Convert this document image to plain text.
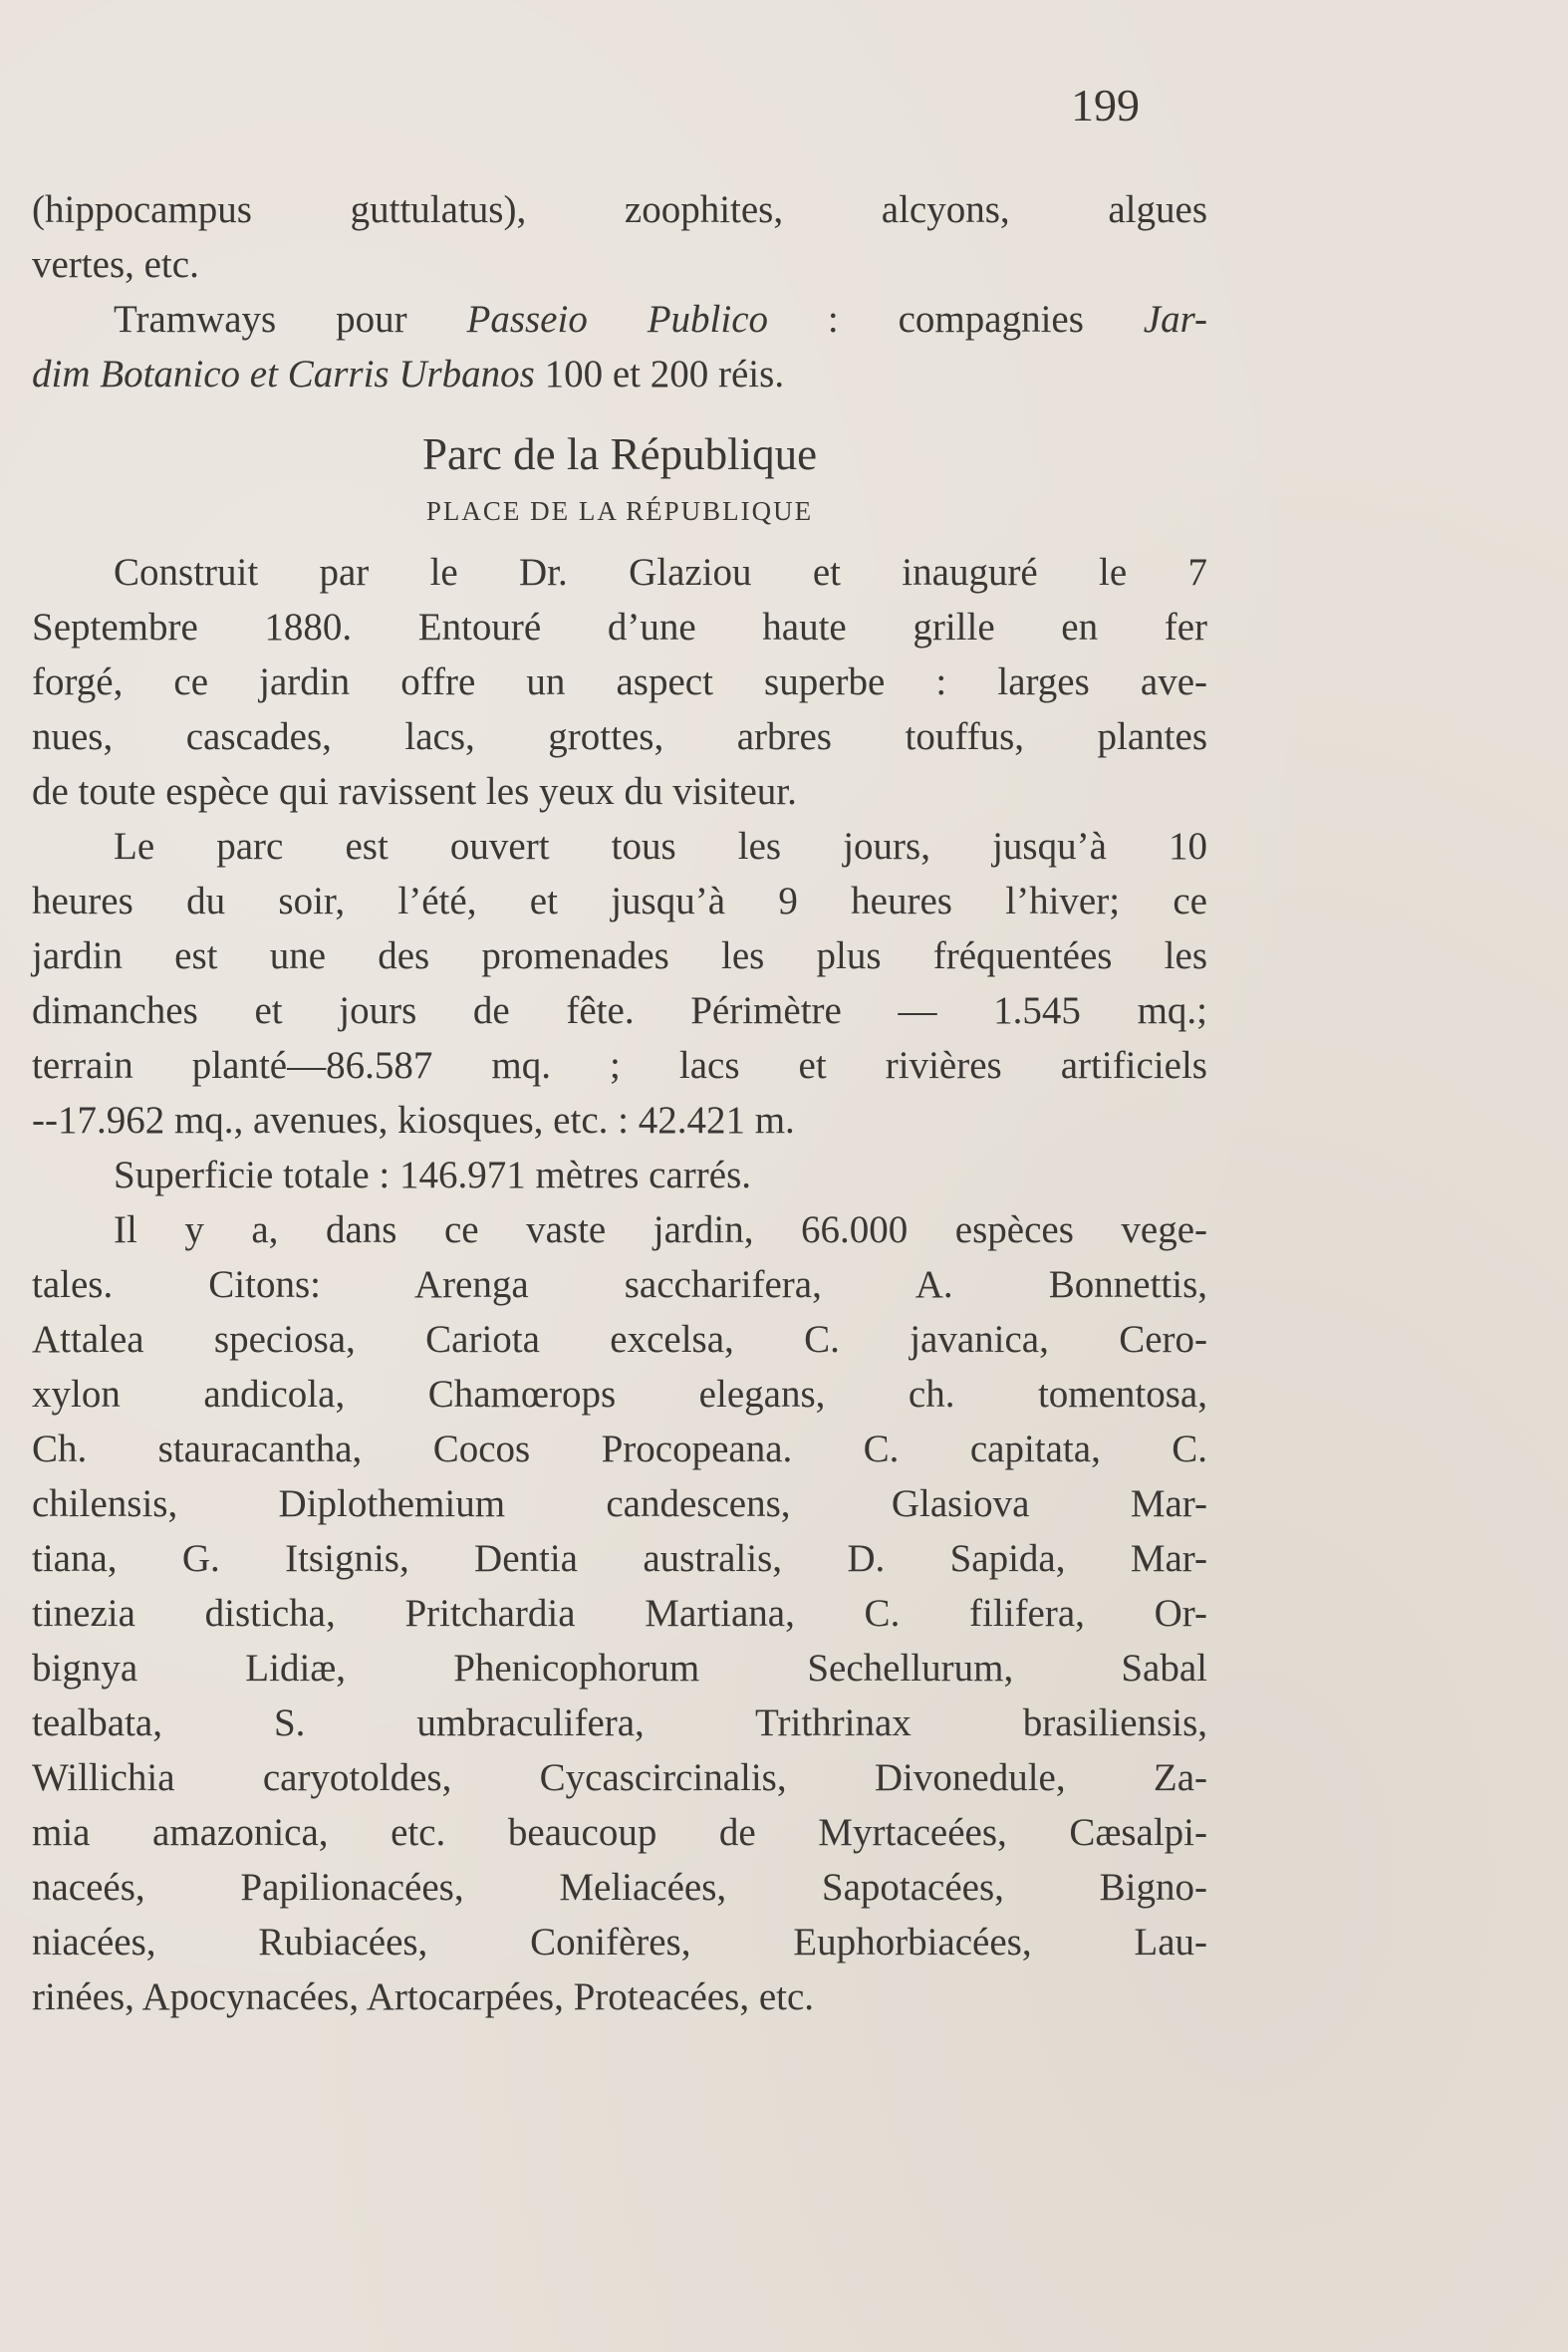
199

(hippocampus guttulatus), zoophites, alcyons, algues
vertes, etc.
Tramways pour Passeio Publico : compagnies Jar-
dim Botanico et Carris Urbanos 100 et 200 réis.
Parc de la République
PLACE DE LA RÉPUBLIQUE
Construit par le Dr. Glaziou et inauguré le 7
Septembre 1880. Entouré d’une haute grille en fer
forgé, ce jardin offre un aspect superbe : larges ave-
nues, cascades, lacs, grottes, arbres touffus, plantes
de toute espèce qui ravissent les yeux du visiteur.
Le parc est ouvert tous les jours, jusqu’à 10
heures du soir, l’été, et jusqu’à 9 heures l’hiver; ce
jardin est une des promenades les plus fréquentées les
dimanches et jours de fête. Périmètre — 1.545 mq.;
terrain planté—86.587 mq. ; lacs et rivières artificiels
--17.962 mq., avenues, kiosques, etc. : 42.421 m.
Superficie totale : 146.971 mètres carrés.
Il y a, dans ce vaste jardin, 66.000 espèces vege-
tales. Citons: Arenga saccharifera, A. Bonnettis,
Attalea speciosa, Cariota excelsa, C. javanica, Cero-
xylon andicola, Chamœrops elegans, ch. tomentosa,
Ch. stauracantha, Cocos Procopeana. C. capitata, C.
chilensis, Diplothemium candescens, Glasiova Mar-
tiana, G. Itsignis, Dentia australis, D. Sapida, Mar-
tinezia disticha, Pritchardia Martiana, C. filifera, Or-
bignya Lidiæ, Phenicophorum Sechellurum, Sabal
tealbata, S. umbraculifera, Trithrinax brasiliensis,
Willichia caryotoldes, Cycascircinalis, Divonedule, Za-
mia amazonica, etc. beaucoup de Myrtaceées, Cæsalpi-
naceés, Papilionacées, Meliacées, Sapotacées, Bigno-
niacées, Rubiacées, Conifères, Euphorbiacées, Lau-
rinées, Apocynacées, Artocarpées, Proteacées, etc.
